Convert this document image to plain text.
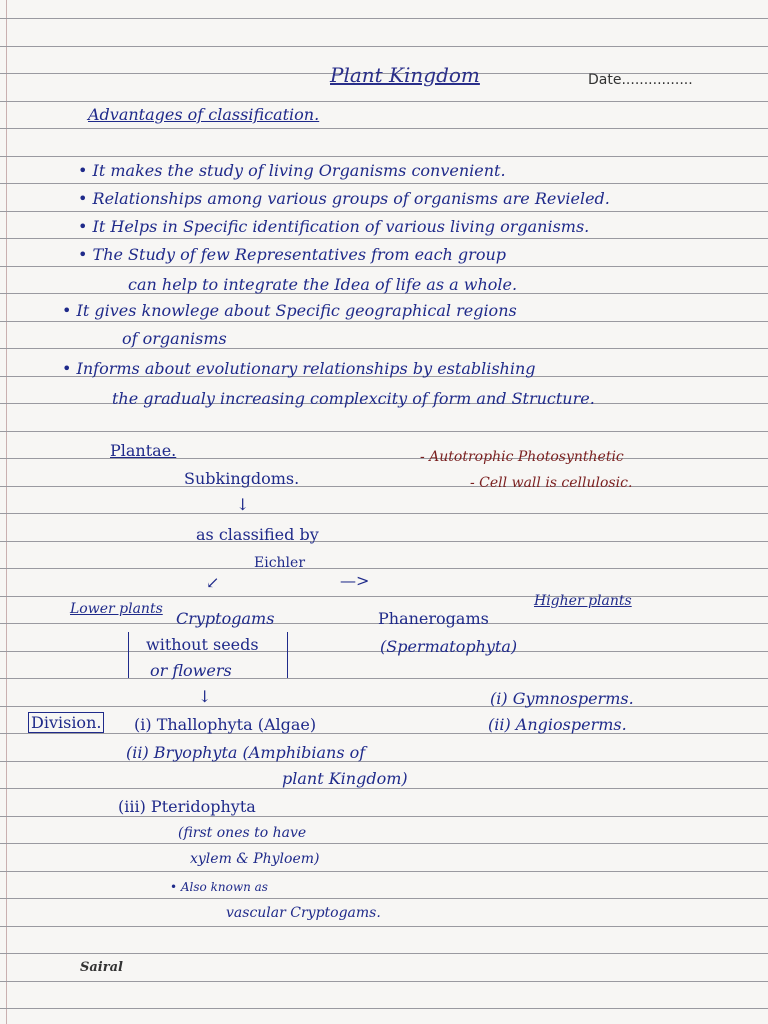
Plant Kingdom	Date................
Advantages of classification.
• It makes the study of living Organisms convenient.
• Relationships among various groups of organisms are Revieled.
• It Helps in Specific identification of various living organisms.
• The Study of few Representatives from each group
can help to integrate the Idea of life as a whole.
• It gives knowlege about Specific geographical regions
of organisms
• Informs about evolutionary relationships by establishing
the gradualy increasing complexcity of form and Structure.
Plantae.	- Autotrophic Photosynthetic
- Cell wall is cellulosic.
Subkingdoms.
↓
as classified by
Eichler
↙	—>
Lower plants Cryptogams
without seeds
or flowers
↓
Division. (i) Thallophyta (Algae)
(ii) Bryophyta (Amphibians of
plant Kingdom)
(iii) Pteridophyta
(first ones to have
xylem & Phyloem)
• Also known as
vascular Cryptogams.
Higher plants
Phanerogams
(Spermatophyta)
(i) Gymnosperms.
(ii) Angiosperms.
Sairal
